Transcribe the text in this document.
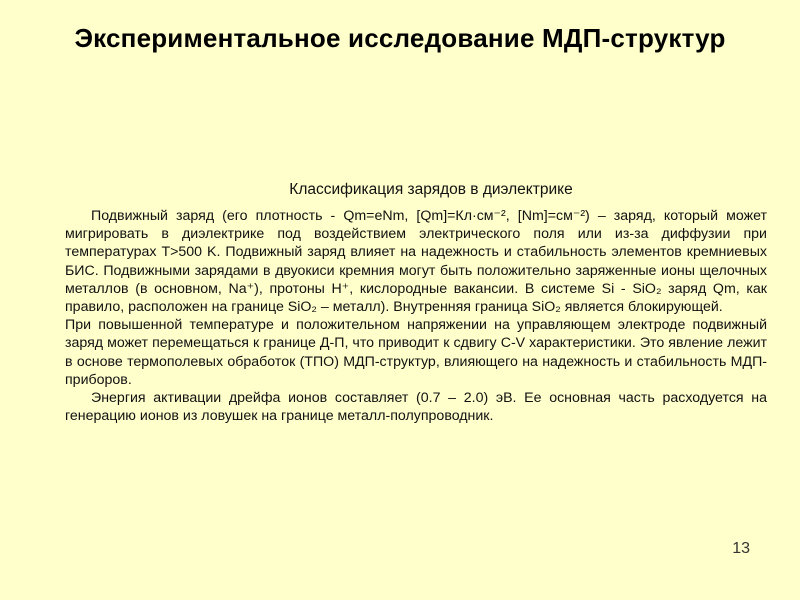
Экспериментальное исследование МДП-структур
Классификация зарядов в диэлектрике

Подвижный заряд (его плотность - Qm=eNm, [Qm]=Кл·см⁻², [Nm]=см⁻²) – заряд, который может мигрировать в диэлектрике под воздействием электрического поля или из-за диффузии при температурах T>500 K. Подвижный заряд влияет на надежность и стабильность элементов кремниевых БИС. Подвижными зарядами в двуокиси кремния могут быть положительно заряженные ионы щелочных металлов (в основном, Na⁺), протоны H⁺, кислородные вакансии. В системе Si - SiO₂ заряд Qm, как правило, расположен на границе SiO₂ – металл). Внутренняя граница SiO₂ является блокирующей.

При повышенной температуре и положительном напряжении на управляющем электроде подвижный заряд может перемещаться к границе Д-П, что приводит к сдвигу C-V характеристики. Это явление лежит в основе термополевых обработок (ТПО) МДП-структур, влияющего на надежность и стабильность МДП-приборов.

Энергия активации дрейфа ионов составляет (0.7 – 2.0) эВ. Ее основная часть расходуется на генерацию ионов из ловушек на границе металл-полупроводник.

13
